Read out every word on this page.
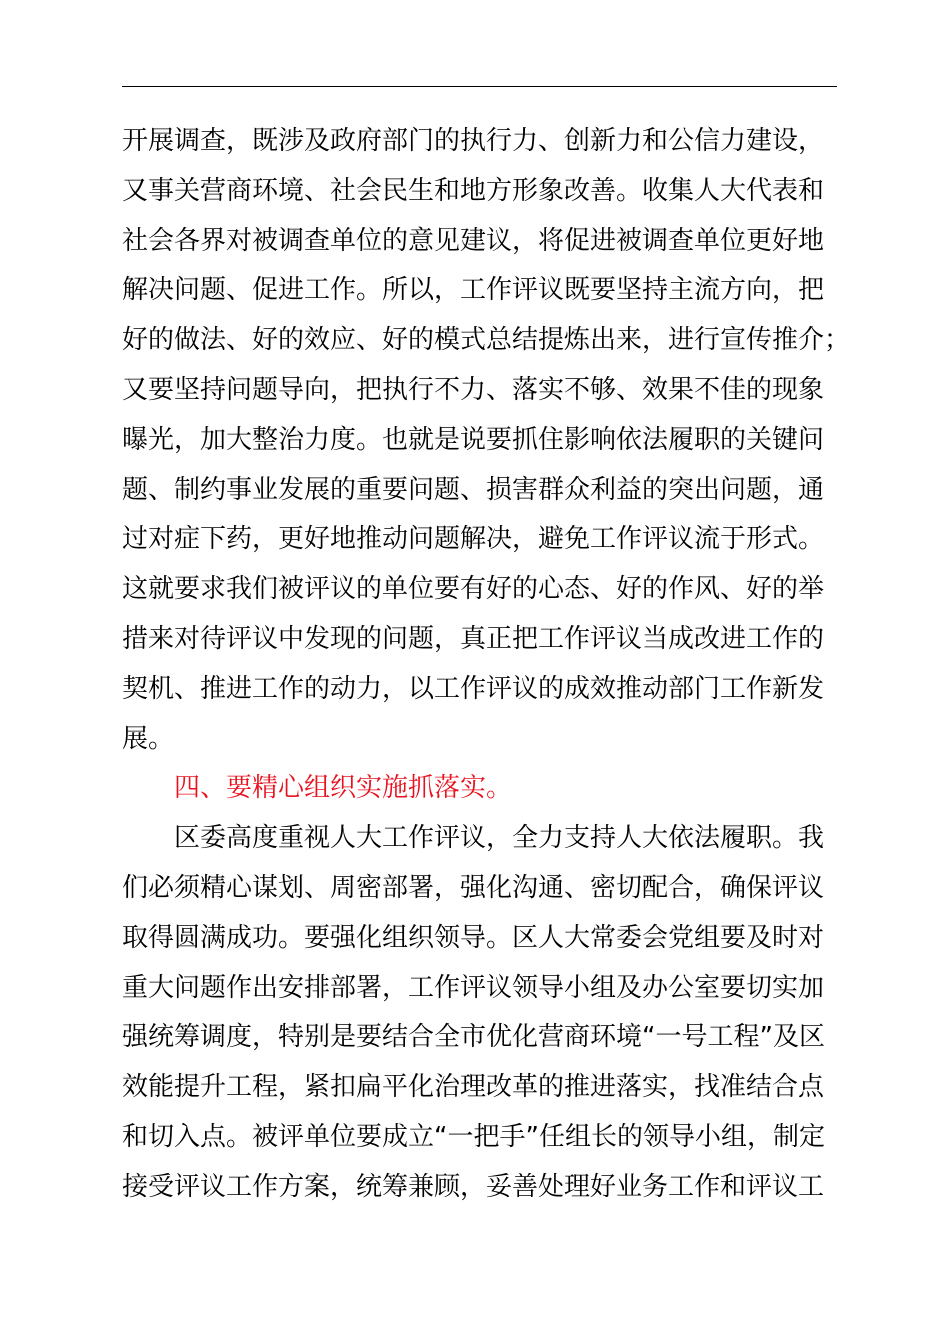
开展调查，既涉及政府部门的执行力、创新力和公信力建设，
又事关营商环境、社会民生和地方形象改善。收集人大代表和
社会各界对被调查单位的意见建议，将促进被调查单位更好地
解决问题、促进工作。所以，工作评议既要坚持主流方向，把
好的做法、好的效应、好的模式总结提炼出来，进行宣传推介；
又要坚持问题导向，把执行不力、落实不够、效果不佳的现象
曝光，加大整治力度。也就是说要抓住影响依法履职的关键问
题、制约事业发展的重要问题、损害群众利益的突出问题，通
过对症下药，更好地推动问题解决，避免工作评议流于形式。
这就要求我们被评议的单位要有好的心态、好的作风、好的举
措来对待评议中发现的问题，真正把工作评议当成改进工作的
契机、推进工作的动力，以工作评议的成效推动部门工作新发
展。
四、要精心组织实施抓落实。
区委高度重视人大工作评议，全力支持人大依法履职。我
们必须精心谋划、周密部署，强化沟通、密切配合，确保评议
取得圆满成功。要强化组织领导。区人大常委会党组要及时对
重大问题作出安排部署，工作评议领导小组及办公室要切实加
强统筹调度，特别是要结合全市优化营商环境“一号工程”及区
效能提升工程，紧扣扁平化治理改革的推进落实，找准结合点
和切入点。被评单位要成立“一把手”任组长的领导小组，制定
接受评议工作方案，统筹兼顾，妥善处理好业务工作和评议工
